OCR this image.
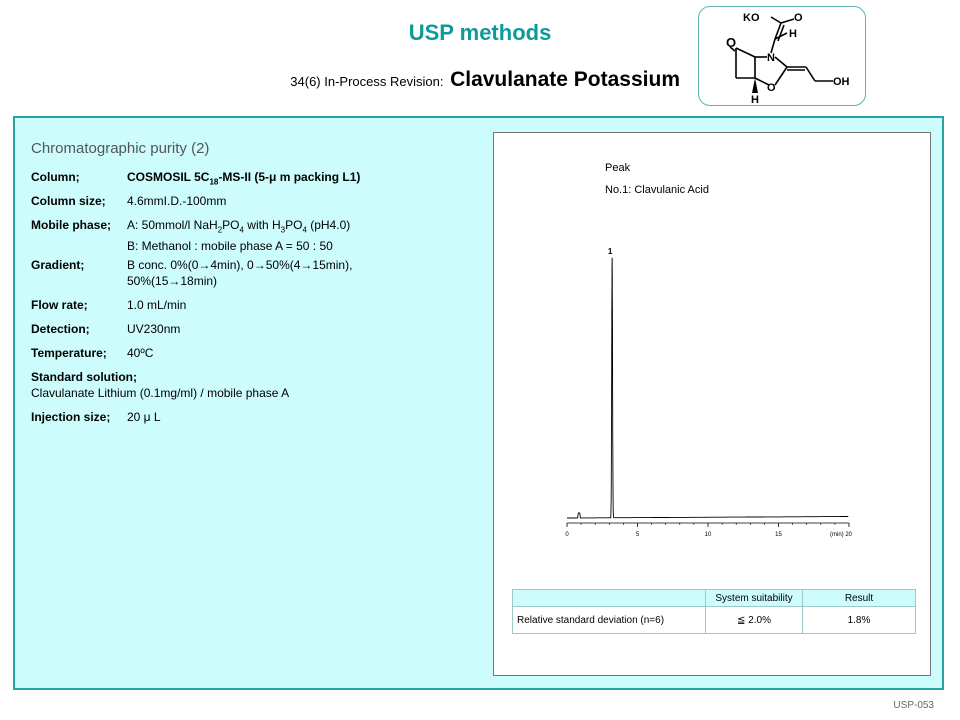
USP methods
34(6) In-Process Revision: Clavulanate Potassium
O
N
O
H
H
KO	O
OH
Chromatographic purity (2)
Column;	COSMOSIL $5C_{18}-MS-II$ (5-μ m packing L1)
Column size; 4.6mmI.D.-100mm
Mobile phase; A: 50mmol/l $NaH_2PO_4$ with $H_3PO_4$ (pH4.0)
B: Methanol : mobile phase A = 50 : 50
Gradient;	B conc. 0%(0→4min), 0→50%(4→15min),
50%(15→18min)
Flow rate;	1.0 mL/min
Detection;	UV230nm
Temperature; 40ºC
Standard solution;
Clavulanate Lithium (0.1mg/ml) / mobile phase A
Injection size; 20 μ L
Peak
No.1: Clavulanic Acid
0	5	10	15	(min) 20
1
	System suitability	Result
Relative standard deviation (n=6)	≦ 2.0%	1.8%
USP-053
